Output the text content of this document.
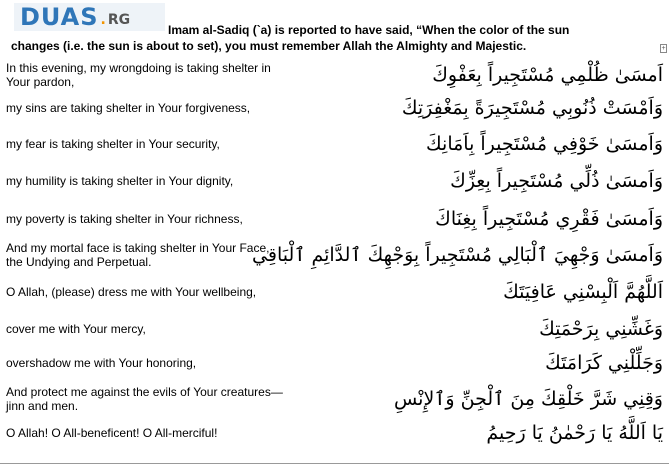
DUAS . RG
Imam al-Sadiq (`a) is reported to have said, “When the color of the sun
changes (i.e. the sun is about to set), you must remember Allah the Almighty and Majestic.	+
In this evening, my wrongdoing is taking shelter in Your pardon,	اَمسَىٰ ظُلْمِي مُسْتَجِيراً بِعَفْوِكَ
my sins are taking shelter in Your forgiveness,	وَاَمْسَتْ ذُنُوبِي مُسْتَجِيرَةً بِمَغْفِرَتِكَ
my fear is taking shelter in Your security,	وَاَمسَىٰ خَوْفِي مُسْتَجِيراً بِاَمَانِكَ
my humility is taking shelter in Your dignity,	وَاَمسَىٰ ذُلِّي مُسْتَجِيراً بِعِزِّكَ
my poverty is taking shelter in Your richness,	وَاَمسَىٰ فَقْرِي مُسْتَجِيراً بِغِنَاكَ
And my mortal face is taking shelter in Your Face, the Undying and Perpetual.	وَاَمسَىٰ وَجْهِيَ ٱلْبَالِي مُسْتَجِيراً بِوَجْهِكَ ٱلدَّائِمِ ٱلْبَاقِي
O Allah, (please) dress me with Your wellbeing,	اَللَّهُمَّ اَلْبِسْنِي عَافِيَتَكَ
cover me with Your mercy,	وَغَشِّنِي بِرَحْمَتِكَ
overshadow me with Your honoring,	وَجَلِّلْنِي كَرَامَتَكَ
And protect me against the evils of Your creatures—jinn and men.	وَقِنِي شَرَّ خَلْقِكَ مِنَ ٱلْجِنِّ وَٱلإِنْسِ
O Allah! O All-beneficent! O All-merciful!	يَا اَللَّهُ يَا رَحْمٰنُ يَا رَحِيمُ
